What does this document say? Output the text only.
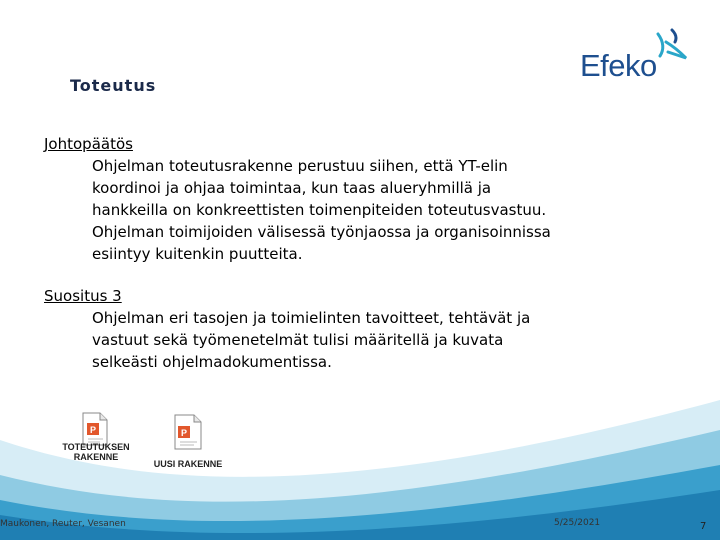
Toteutus
Efeko
Johtopäätös
Ohjelman toteutusrakenne perustuu siihen, että YT-elin
koordinoi ja ohjaa toimintaa, kun taas alueryhmillä ja
hankkeilla on konkreettisten toimenpiteiden toteutusvastuu.
Ohjelman toimijoiden välisessä työnjaossa ja organisoinnissa
esiintyy kuitenkin puutteita.
Suositus 3
Ohjelman eri tasojen ja toimielinten tavoitteet, tehtävät ja
vastuut sekä työmenetelmät tulisi määritellä ja kuvata
selkeästi ohjelmadokumentissa.
P
TOTEUTUKSEN
RAKENNE
P
UUSI RAKENNE
Maukonen, Reuter, Vesanen	5/25/2021	7
